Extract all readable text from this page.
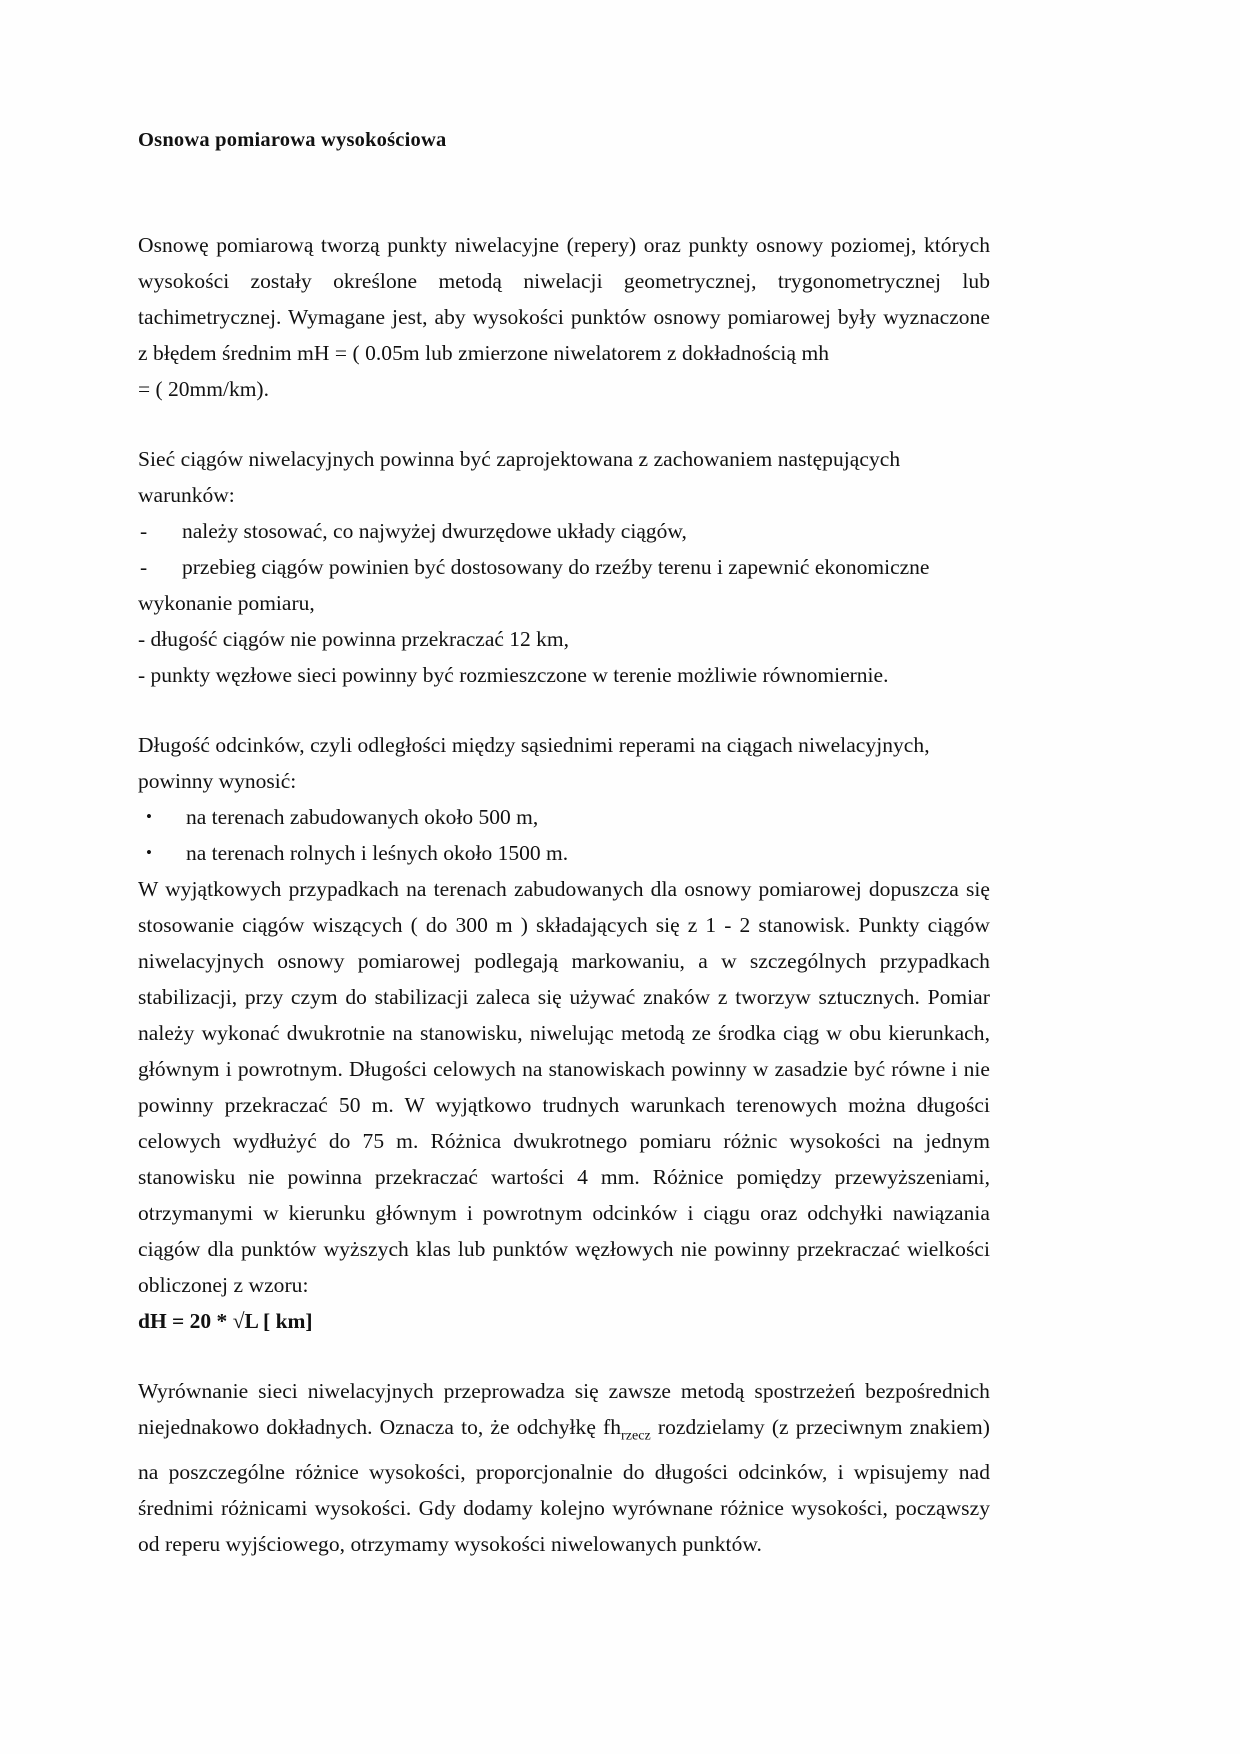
Osnowa pomiarowa wysokościowa

Osnowę pomiarową tworzą punkty niwelacyjne (repery) oraz punkty osnowy poziomej, których wysokości zostały określone metodą niwelacji geometrycznej, trygonometrycznej lub tachimetrycznej. Wymagane jest, aby wysokości punktów osnowy pomiarowej były wyznaczone z błędem średnim mH = ( 0.05m lub zmierzone niwelatorem z dokładnością mh

= ( 20mm/km).

Sieć ciągów niwelacyjnych powinna być zaprojektowana z zachowaniem następujących

warunków:
- należy stosować, co najwyżej dwurzędowe układy ciągów,
- przebieg ciągów powinien być dostosowany do rzeźby terenu i zapewnić ekonomiczne
wykonanie pomiaru,
- długość ciągów nie powinna przekraczać 12 km,
- punkty węzłowe sieci powinny być rozmieszczone w terenie możliwie równomiernie.

Długość odcinków, czyli odległości między sąsiednimi reperami na ciągach niwelacyjnych,

powinny wynosić:
• na terenach zabudowanych około 500 m,
• na terenach rolnych i leśnych około 1500 m.

W wyjątkowych przypadkach na terenach zabudowanych dla osnowy pomiarowej dopuszcza się stosowanie ciągów wiszących ( do 300 m ) składających się z 1 - 2 stanowisk. Punkty ciągów niwelacyjnych osnowy pomiarowej podlegają markowaniu, a w szczególnych przypadkach stabilizacji, przy czym do stabilizacji zaleca się używać znaków z tworzyw sztucznych. Pomiar należy wykonać dwukrotnie na stanowisku, niwelując metodą ze środka ciąg w obu kierunkach, głównym i powrotnym. Długości celowych na stanowiskach powinny w zasadzie być równe i nie powinny przekraczać 50 m. W wyjątkowo trudnych warunkach terenowych można długości celowych wydłużyć do 75 m. Różnica dwukrotnego pomiaru różnic wysokości na jednym stanowisku nie powinna przekraczać wartości 4 mm. Różnice pomiędzy przewyższeniami, otrzymanymi w kierunku głównym i powrotnym odcinków i ciągu oraz odchyłki nawiązania ciągów dla punktów wyższych klas lub punktów węzłowych nie powinny przekraczać wielkości obliczonej z wzoru:

dH = 20 * √L [ km]

Wyrównanie sieci niwelacyjnych przeprowadza się zawsze metodą spostrzeżeń bezpośrednich niejednakowo dokładnych. Oznacza to, że odchyłkę $fh_{rzecz}$ rozdzielamy (z przeciwnym znakiem) na poszczególne różnice wysokości, proporcjonalnie do długości odcinków, i wpisujemy nad średnimi różnicami wysokości. Gdy dodamy kolejno wyrównane różnice wysokości, począwszy od reperu wyjściowego, otrzymamy wysokości niwelowanych punktów.
